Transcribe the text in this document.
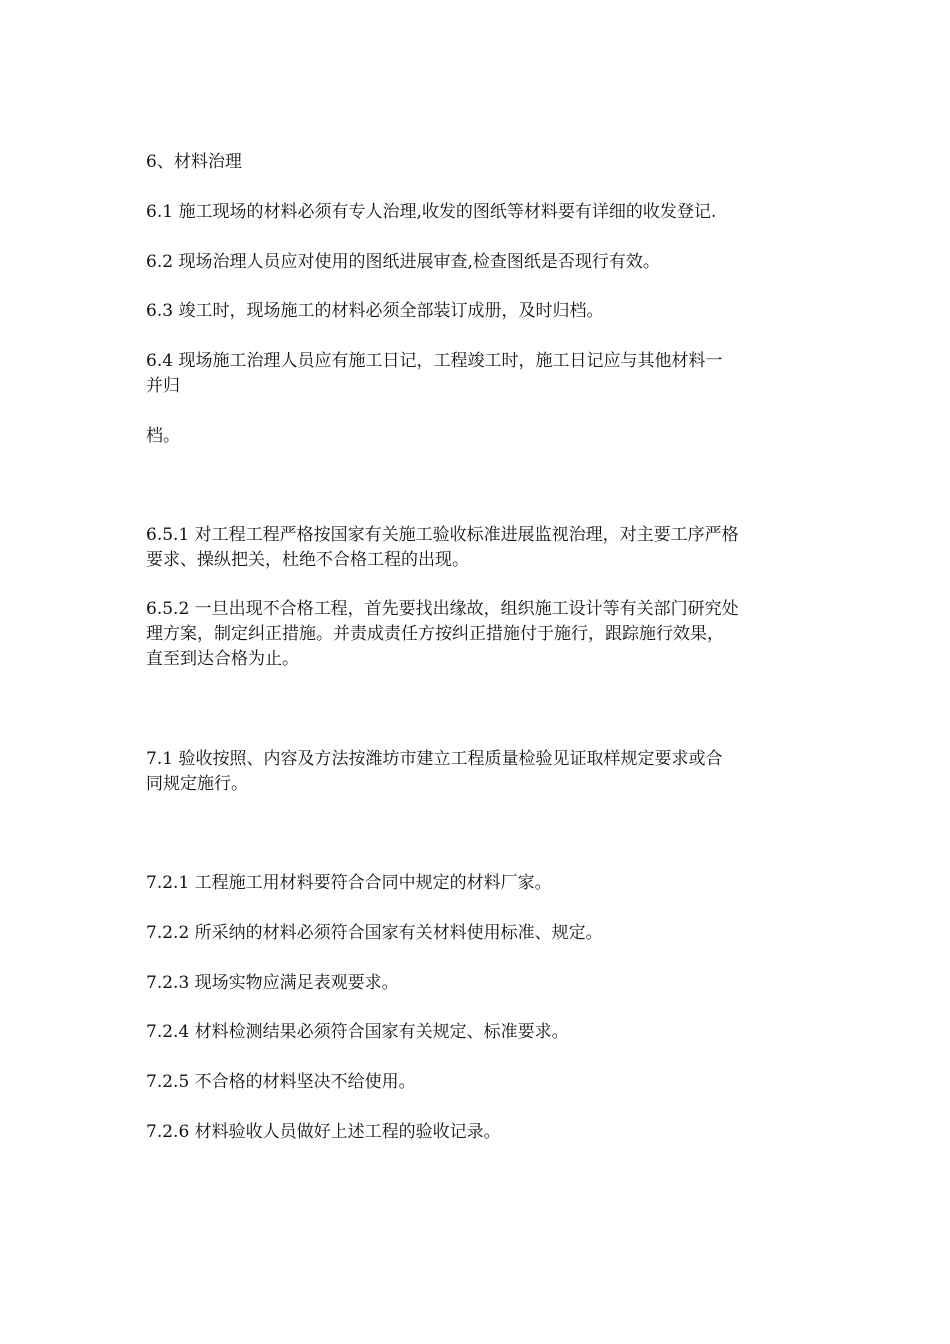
6、材料治理

6.1 施工现场的材料必须有专人治理,收发的图纸等材料要有详细的收发登记.

6.2 现场治理人员应对使用的图纸进展审查,检查图纸是否现行有效。

6.3 竣工时，现场施工的材料必须全部装订成册，及时归档。

6.4 现场施工治理人员应有施工日记，工程竣工时，施工日记应与其他材料一
并归

档。

6.5.1 对工程工程严格按国家有关施工验收标准进展监视治理，对主要工序严格
要求、操纵把关，杜绝不合格工程的出现。

6.5.2 一旦出现不合格工程，首先要找出缘故，组织施工设计等有关部门研究处
理方案，制定纠正措施。并责成责任方按纠正措施付于施行，跟踪施行效果，
直至到达合格为止。

7.1 验收按照、内容及方法按潍坊市建立工程质量检验见证取样规定要求或合
同规定施行。

7.2.1 工程施工用材料要符合合同中规定的材料厂家。

7.2.2 所采纳的材料必须符合国家有关材料使用标准、规定。

7.2.3 现场实物应满足表观要求。

7.2.4 材料检测结果必须符合国家有关规定、标准要求。

7.2.5 不合格的材料坚决不给使用。

7.2.6 材料验收人员做好上述工程的验收记录。
